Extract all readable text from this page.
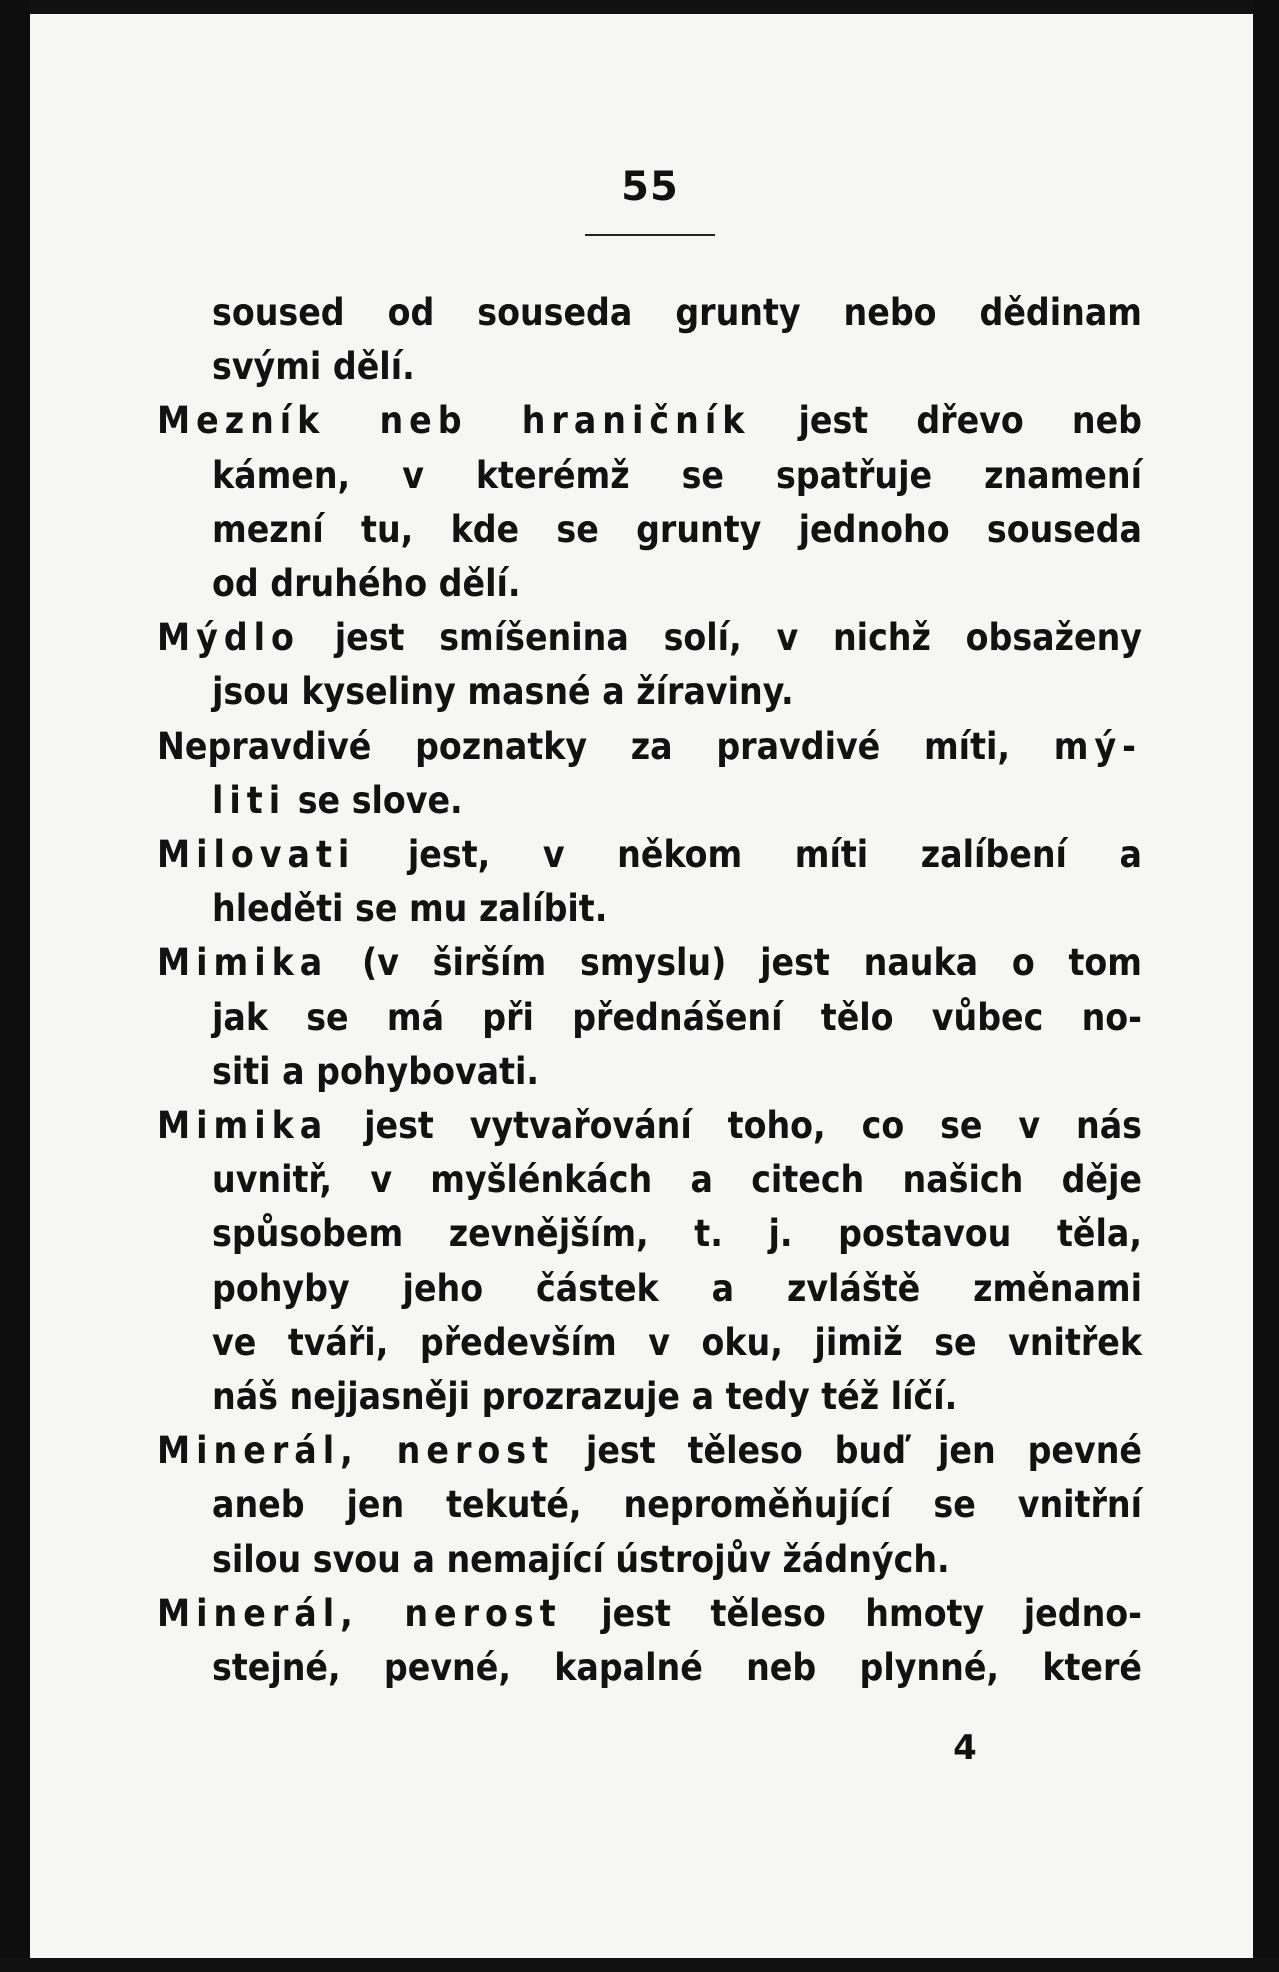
55
soused od souseda grunty nebo dědinam
svými dělí.
Mezník neb hraničník jest dřevo neb
kámen, v kterémž se spatřuje znamení
mezní tu, kde se grunty jednoho souseda
od druhého dělí.
Mýdlo jest smíšenina solí, v nichž obsaženy
jsou kyseliny masné a žíraviny.
Nepravdivé poznatky za pravdivé míti, mý-
liti se slove.
Milovati jest, v někom míti zalíbení a
hleděti se mu zalíbit.
Mimika (v širším smyslu) jest nauka o tom
jak se má při přednášení tělo vůbec no-
siti a pohybovati.
Mimika jest vytvařování toho, co se v nás
uvnitř, v myšlénkách a citech našich děje
spůsobem zevnějším, t. j. postavou těla,
pohyby jeho částek a zvláště změnami
ve tváři, především v oku, jimiž se vnitřek
náš nejjasněji prozrazuje a tedy též líčí.
Minerál, nerost jest těleso buď jen pevné
aneb jen tekuté, neproměňující se vnitřní
silou svou a nemající ústrojův žádných.
Minerál, nerost jest těleso hmoty jedno-
stejné, pevné, kapalné neb plynné, které
4
